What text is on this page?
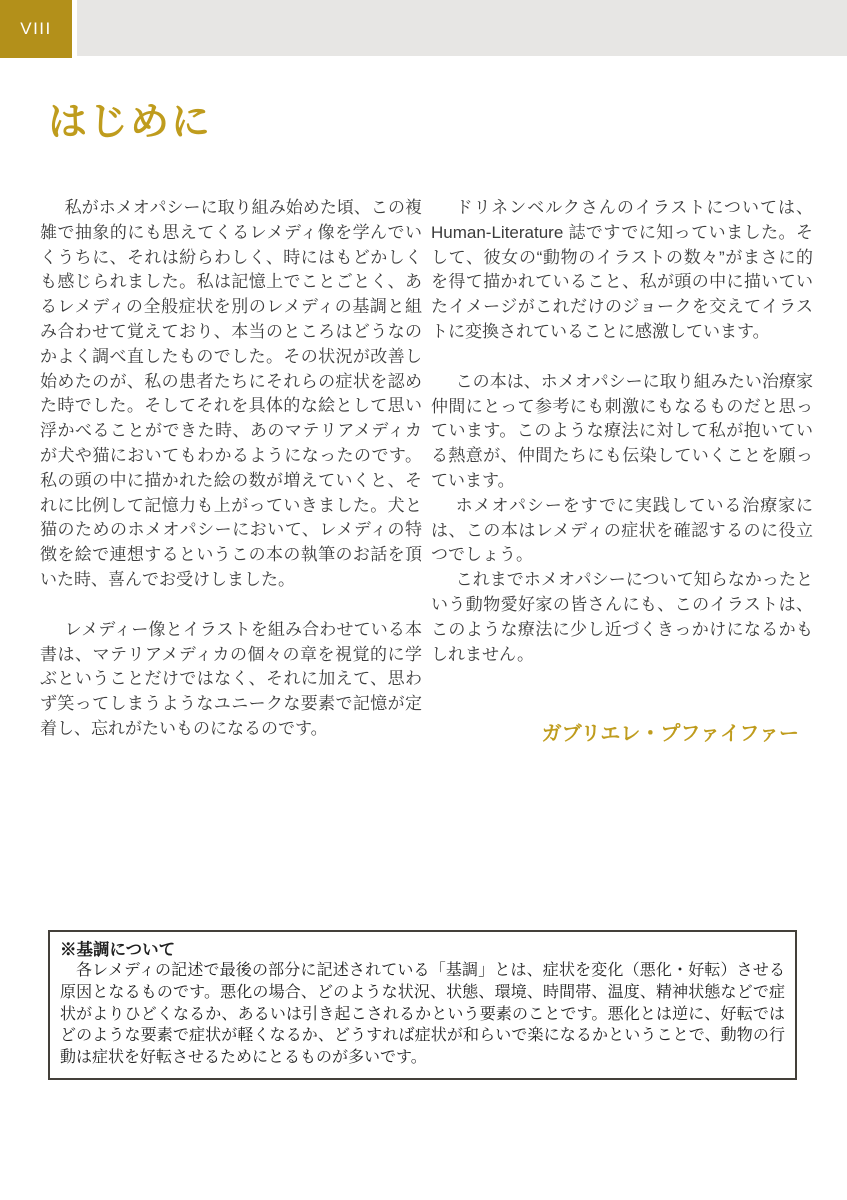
VIII
はじめに

私がホメオパシーに取り組み始めた頃、この複雑で抽象的にも思えてくるレメディ像を学んでいくうちに、それは紛らわしく、時にはもどかしくも感じられました。私は記憶上でことごとく、あるレメディの全般症状を別のレメディの基調と組み合わせて覚えており、本当のところはどうなのかよく調べ直したものでした。その状況が改善し始めたのが、私の患者たちにそれらの症状を認めた時でした。そしてそれを具体的な絵として思い浮かべることができた時、あのマテリアメディカが犬や猫においてもわかるようになったのです。私の頭の中に描かれた絵の数が増えていくと、それに比例して記憶力も上がっていきました。犬と猫のためのホメオパシーにおいて、レメディの特徴を絵で連想するというこの本の執筆のお話を頂いた時、喜んでお受けしました。

レメディー像とイラストを組み合わせている本書は、マテリアメディカの個々の章を視覚的に学ぶということだけではなく、それに加えて、思わず笑ってしまうようなユニークな要素で記憶が定着し、忘れがたいものになるのです。

ドリネンベルクさんのイラストについては、Human-Literature 誌ですでに知っていました。そして、彼女の“動物のイラストの数々”がまさに的を得て描かれていること、私が頭の中に描いていたイメージがこれだけのジョークを交えてイラストに変換されていることに感激しています。

この本は、ホメオパシーに取り組みたい治療家仲間にとって参考にも刺激にもなるものだと思っています。このような療法に対して私が抱いている熱意が、仲間たちにも伝染していくことを願っています。

ホメオパシーをすでに実践している治療家には、この本はレメディの症状を確認するのに役立つでしょう。

これまでホメオパシーについて知らなかったという動物愛好家の皆さんにも、このイラストは、このような療法に少し近づくきっかけになるかもしれません。

ガブリエレ・プファイファー

※基調について

各レメディの記述で最後の部分に記述されている「基調」とは、症状を変化（悪化・好転）させる原因となるものです。悪化の場合、どのような状況、状態、環境、時間帯、温度、精神状態などで症状がよりひどくなるか、あるいは引き起こされるかという要素のことです。悪化とは逆に、好転ではどのような要素で症状が軽くなるか、どうすれば症状が和らいで楽になるかということで、動物の行動は症状を好転させるためにとるものが多いです。
